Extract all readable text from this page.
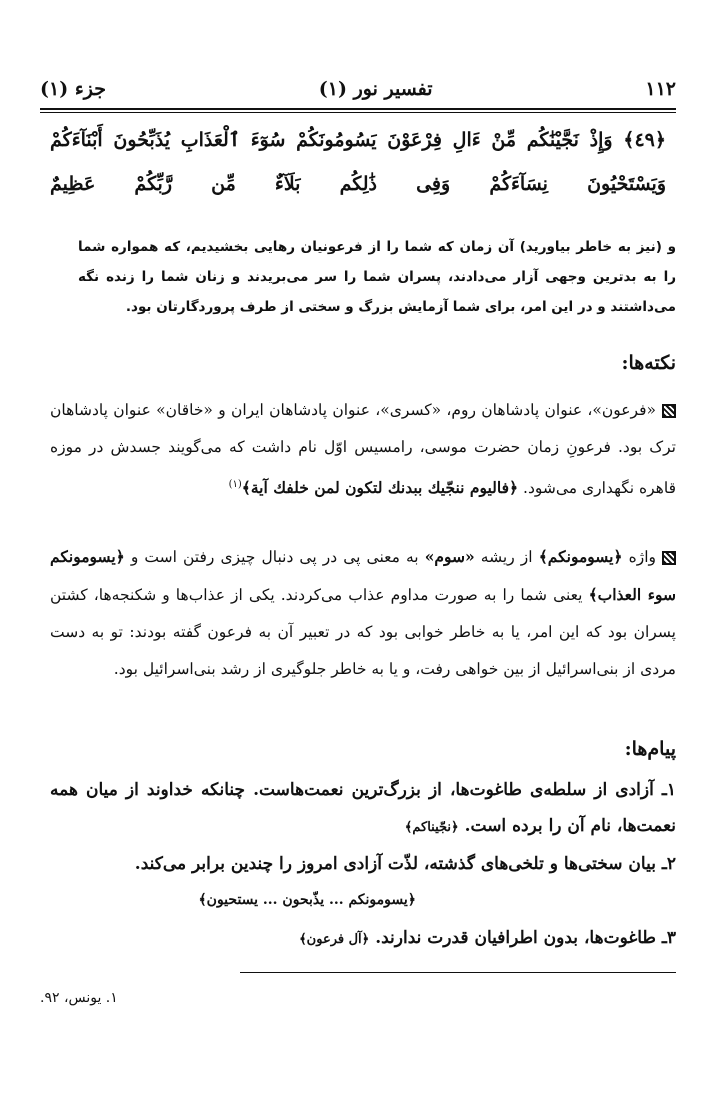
١١٢
تفسیر نور (١)
جزء (١)
﴿٤٩﴾ وَإِذْ نَجَّيْنَٰكُم مِّنْ ءَالِ فِرْعَوْنَ يَسُومُونَكُمْ سُوٓءَ ٱلْعَذَابِ يُذَبِّحُونَ أَبْنَآءَكُمْ وَيَسْتَحْيُونَ نِسَآءَكُمْ وَفِى ذَٰلِكُم بَلَآءٌ مِّن رَّبِّكُمْ عَظِيمٌ
و (نیز به خاطر بیاورید) آن زمان که شما را از فرعونیان رهایی بخشیدیم، که همواره شما را به بدترین وجهی آزار می‌دادند، پسران شما را سر می‌بریدند و زنان شما را زنده نگه می‌داشتند و در این امر، برای شما آزمایش بزرگ و سختی از طرف پروردگارتان بود.
نکته‌ها:
«فرعون»، عنوان پادشاهان روم، «کسری»، عنوان پادشاهان ایران و «خاقان» عنوان پادشاهان ترک بود. فرعونِ زمان حضرت موسی، رامسیس اوّل نام داشت که می‌گویند جسدش در موزه قاهره نگهداری می‌شود. ﴿فالیوم ننجّیك ببدنك لتکون لمن خلفك آیة﴾$^{(١)}$
واژه ﴿یسومونکم﴾ از ریشه «سوم» به معنی پی در پی دنبال چیزی رفتن است و ﴿یسومونکم سوء العذاب﴾ یعنی شما را به صورت مداوم عذاب می‌کردند. یکی از عذاب‌ها و شکنجه‌ها، کشتن پسران بود که این امر، یا به خاطر خوابی بود که در تعبیر آن به فرعون گفته بودند: تو به دست مردی از بنی‌اسرائیل از بین خواهی رفت، و یا به خاطر جلوگیری از رشد بنی‌اسرائیل بود.
پیام‌ها:
١ـ آزادی از سلطه‌ی طاغوت‌ها، از بزرگ‌ترین نعمت‌هاست. چنانکه خداوند از میان همه نعمت‌ها، نام آن را برده است. ﴿نجّیناکم﴾
٢ـ بیان سختی‌ها و تلخی‌های گذشته، لذّت آزادی امروز را چندین برابر می‌کند.
﴿یسومونکم ... یذّبحون ... یستحیون﴾
٣ـ طاغوت‌ها، بدون اطرافیان قدرت ندارند. ﴿آل فرعون﴾
١. یونس، ٩٢.
